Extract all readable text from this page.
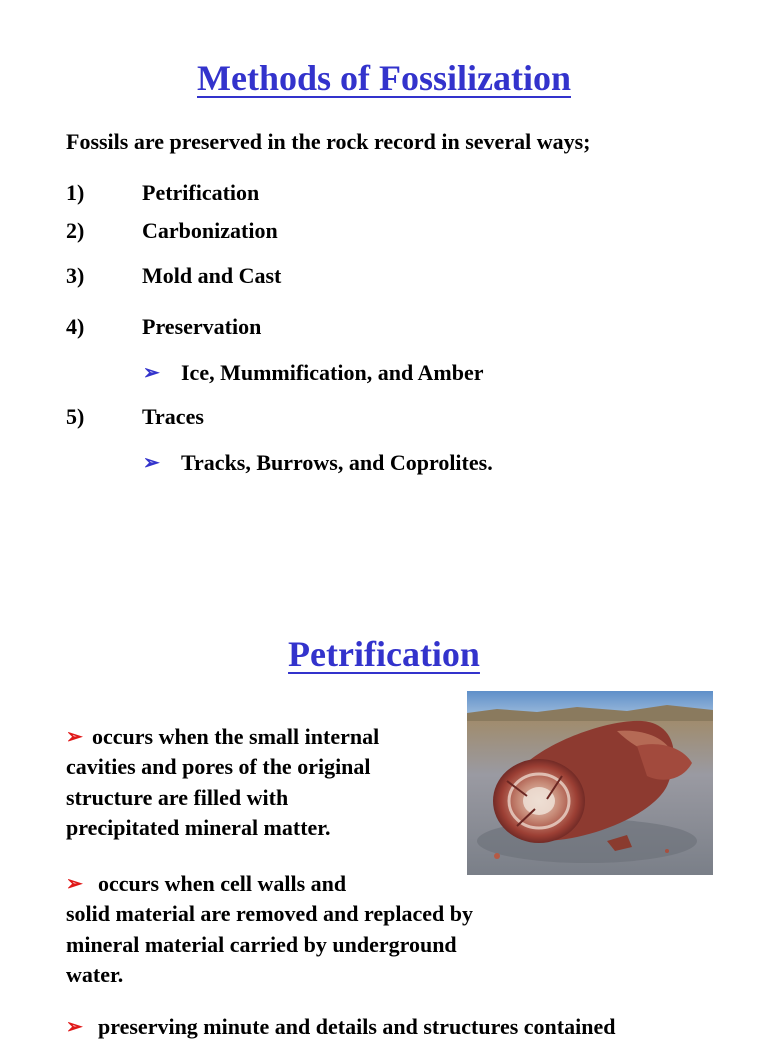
Methods of Fossilization
Fossils are preserved in the rock record in several ways;
1)	Petrification
2)	Carbonization
3)	Mold and Cast
4)	Preservation
➢ Ice, Mummification, and Amber
5)	Traces
➢ Tracks, Burrows, and Coprolites.
Petrification
➢ occurs when the small internal
cavities and pores of the original
structure are filled with
precipitated mineral matter.
➢ occurs when cell walls and
solid material are removed and replaced by
mineral material carried by underground
water.
➢ preserving minute and details and structures contained
